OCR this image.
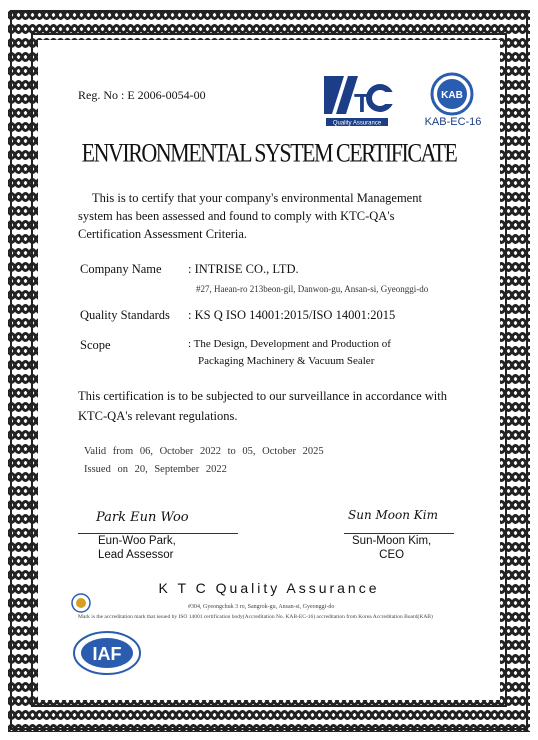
Reg. No : E 2006-0054-00	T
Quality Assurance
KAB
KAB-EC-16
ENVIRONMENTAL SYSTEM CERTIFICATE
This is to certify that your company's environmental Management
system has been assessed and found to comply with KTC-QA's
Certification Assessment Criteria.
Company Name : INTRISE CO., LTD.
#27, Haean-ro 213beon-gil, Danwon-gu, Ansan-si, Gyeonggi-do
Quality Standards : KS Q ISO 14001:2015/ISO 14001:2015
Scope	: The Design, Development and Production of
Packaging Machinery & Vacuum Sealer
This certification is to be subjected to our surveillance in accordance with
KTC-QA's relevant regulations.
Valid from 06, October 2022 to 05, October 2025
Issued on 20, September 2022
Park Eun Woo	Sun Moon Kim
Eun-Woo Park,
Lead Assessor
Sun-Moon Kim,
CEO
K T C Quality Assurance
#304, Gyeongchuk 3 ro, Sangrok-gu, Ansan-si, Gyeonggi-do
Mark is the accreditation mark that issued by ISO 14001 certification body(Accreditation No. KAB-EC-16) accreditation from Korea Accreditation Board(KAB)
IAF
